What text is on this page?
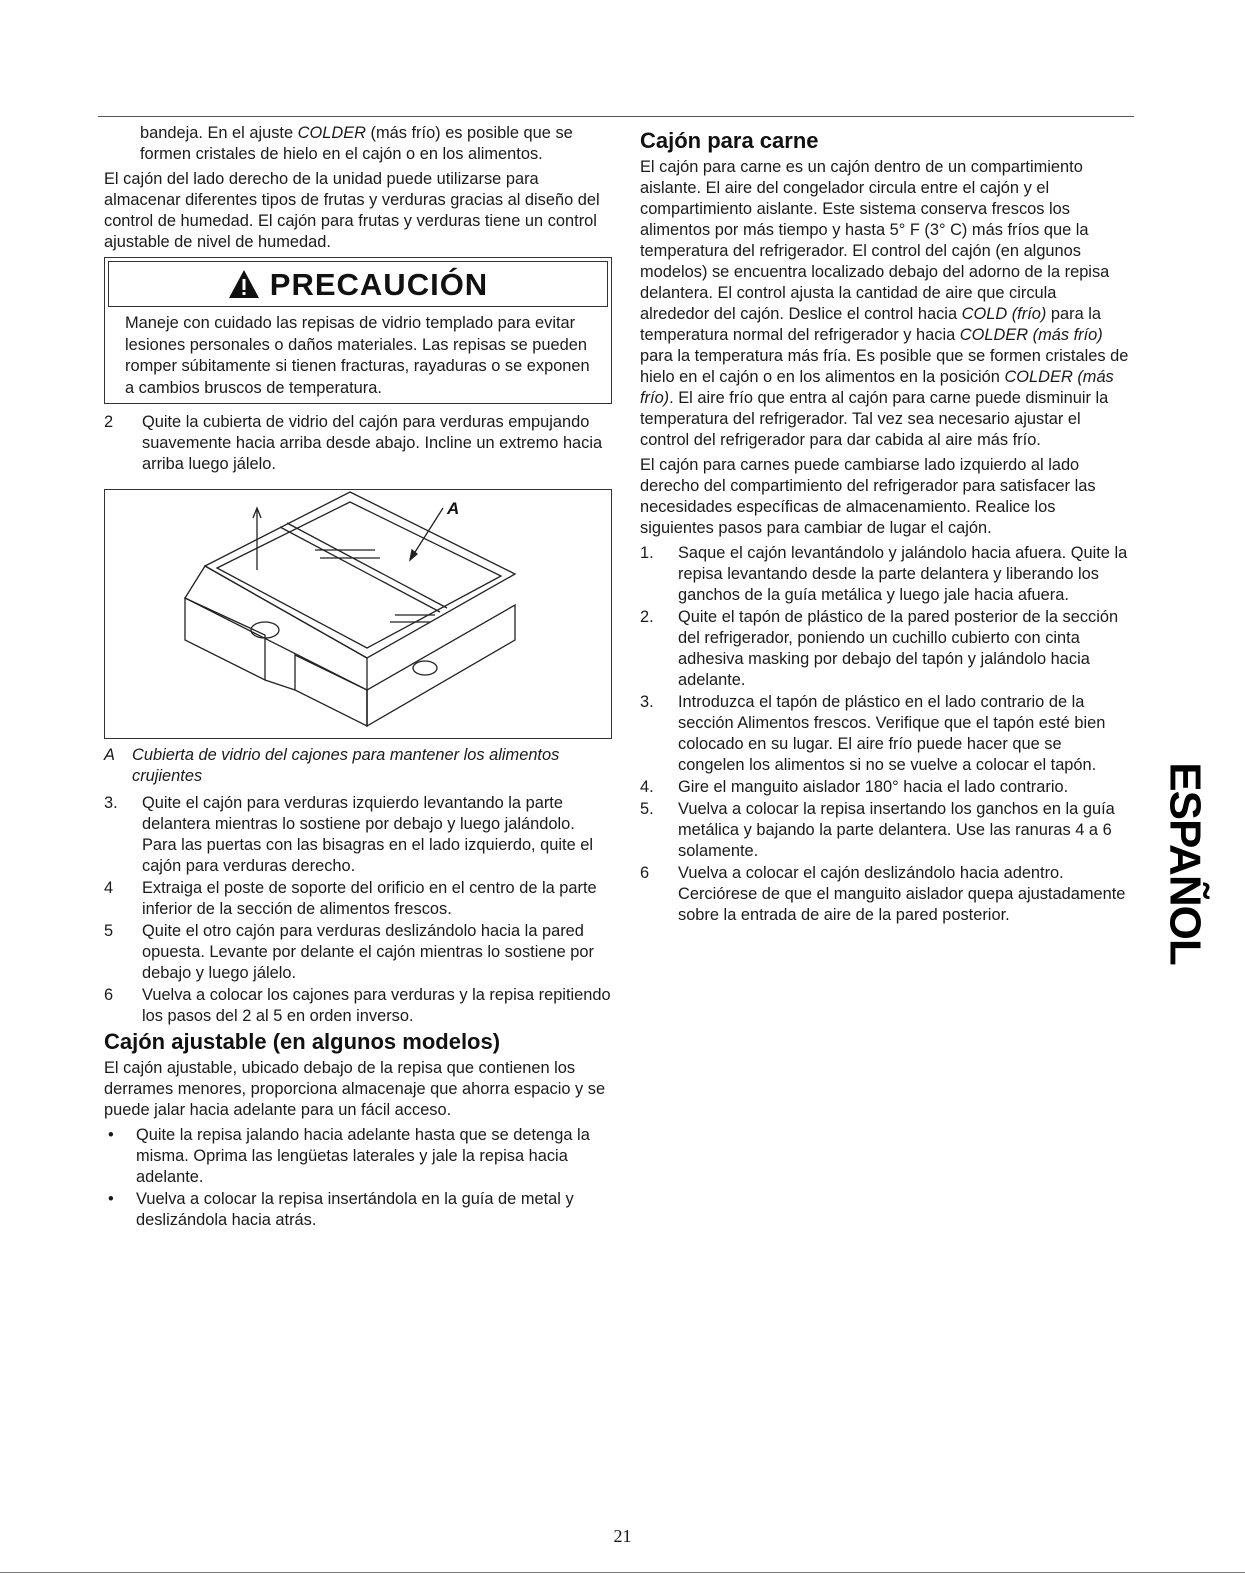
bandeja. En el ajuste COLDER (más frío) es posible que se formen cristales de hielo en el cajón o en los alimentos.

El cajón del lado derecho de la unidad puede utilizarse para almacenar diferentes tipos de frutas y verduras gracias al diseño del control de humedad. El cajón para frutas y verduras tiene un control ajustable de nivel de humedad.

PRECAUCIÓN
Maneje con cuidado las repisas de vidrio templado para evitar lesiones personales o daños materiales. Las repisas se pueden romper súbitamente si tienen fracturas, rayaduras o se exponen a cambios bruscos de temperatura.
2	Quite la cubierta de vidrio del cajón para verduras empujando suavemente hacia arriba desde abajo. Incline un extremo hacia arriba luego jálelo.
A
A	Cubierta de vidrio del cajones para mantener los alimentos crujientes
3.	Quite el cajón para verduras izquierdo levantando la parte delantera mientras lo sostiene por debajo y luego jalándolo. Para las puertas con las bisagras en el lado izquierdo, quite el cajón para verduras derecho.
4	Extraiga el poste de soporte del orificio en el centro de la parte inferior de la sección de alimentos frescos.
5	Quite el otro cajón para verduras deslizándolo hacia la pared opuesta. Levante por delante el cajón mientras lo sostiene por debajo y luego jálelo.
6	Vuelva a colocar los cajones para verduras y la repisa repitiendo los pasos del 2 al 5 en orden inverso.
Cajón ajustable (en algunos modelos)

El cajón ajustable, ubicado debajo de la repisa que contienen los derrames menores, proporciona almacenaje que ahorra espacio y se puede jalar hacia adelante para un fácil acceso.

•	Quite la repisa jalando hacia adelante hasta que se detenga la misma. Oprima las lengüetas laterales y jale la repisa hacia adelante.
•	Vuelva a colocar la repisa insertándola en la guía de metal y deslizándola hacia atrás.
Cajón para carne

El cajón para carne es un cajón dentro de un compartimiento aislante. El aire del congelador circula entre el cajón y el compartimiento aislante. Este sistema conserva frescos los alimentos por más tiempo y hasta 5° F (3° C) más fríos que la temperatura del refrigerador. El control del cajón (en algunos modelos) se encuentra localizado debajo del adorno de la repisa delantera. El control ajusta la cantidad de aire que circula alrededor del cajón. Deslice el control hacia COLD (frío) para la temperatura normal del refrigerador y hacia COLDER (más frío) para la temperatura más fría. Es posible que se formen cristales de hielo en el cajón o en los alimentos en la posición COLDER (más frío). El aire frío que entra al cajón para carne puede disminuir la temperatura del refrigerador. Tal vez sea necesario ajustar el control del refrigerador para dar cabida al aire más frío.

El cajón para carnes puede cambiarse lado izquierdo al lado derecho del compartimiento del refrigerador para satisfacer las necesidades específicas de almacenamiento. Realice los siguientes pasos para cambiar de lugar el cajón.

1.	Saque el cajón levantándolo y jalándolo hacia afuera. Quite la repisa levantando desde la parte delantera y liberando los ganchos de la guía metálica y luego jale hacia afuera.
2.	Quite el tapón de plástico de la pared posterior de la sección del refrigerador, poniendo un cuchillo cubierto con cinta adhesiva masking por debajo del tapón y jalándolo hacia adelante.
3.	Introduzca el tapón de plástico en el lado contrario de la sección Alimentos frescos. Verifique que el tapón esté bien colocado en su lugar. El aire frío puede hacer que se congelen los alimentos si no se vuelve a colocar el tapón.
4.	Gire el manguito aislador 180° hacia el lado contrario.
5.	Vuelva a colocar la repisa insertando los ganchos en la guía metálica y bajando la parte delantera. Use las ranuras 4 a 6 solamente.
6	Vuelva a colocar el cajón deslizándolo hacia adentro. Cerciórese de que el manguito aislador quepa ajustadamente sobre la entrada de aire de la pared posterior.	ESPAÑOL
21
